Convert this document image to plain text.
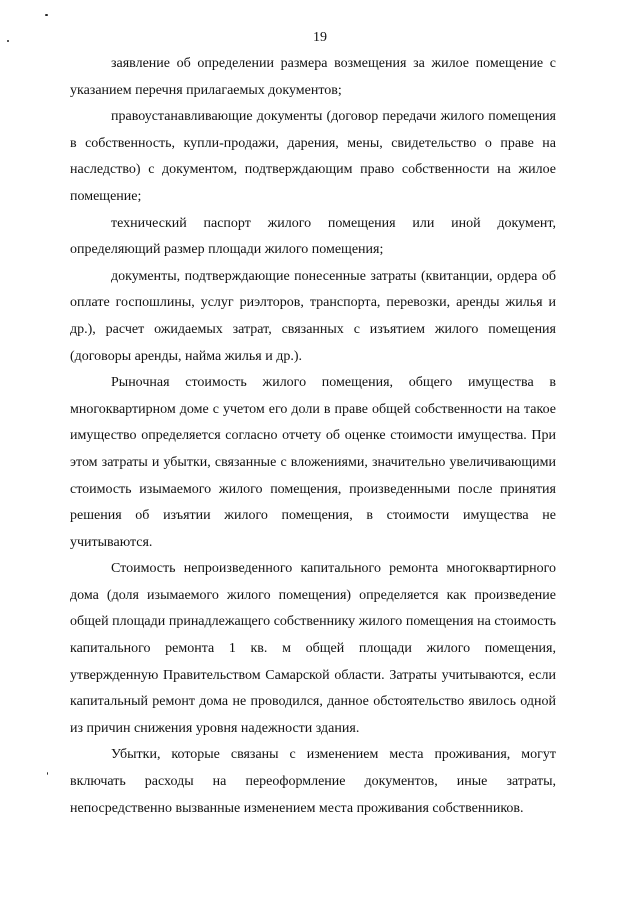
19

заявление об определении размера возмещения за жилое помещение с указанием перечня прилагаемых документов;

правоустанавливающие документы (договор передачи жилого помещения в собственность, купли-продажи, дарения, мены, свидетельство о праве на наследство) с документом, подтверждающим право собственности на жилое помещение;

технический паспорт жилого помещения или иной документ, определяющий размер площади жилого помещения;

документы, подтверждающие понесенные затраты (квитанции, ордера об оплате госпошлины, услуг риэлторов, транспорта, перевозки, аренды жилья и др.), расчет ожидаемых затрат, связанных с изъятием жилого помещения (договоры аренды, найма жилья и др.).

Рыночная стоимость жилого помещения, общего имущества в многоквартирном доме с учетом его доли в праве общей собственности на такое имущество определяется согласно отчету об оценке стоимости имущества. При этом затраты и убытки, связанные с вложениями, значительно увеличивающими стоимость изымаемого жилого помещения, произведенными после принятия решения об изъятии жилого помещения, в стоимости имущества не учитываются.

Стоимость непроизведенного капитального ремонта многоквартирного дома (доля изымаемого жилого помещения) определяется как произведение общей площади принадлежащего собственнику жилого помещения на стоимость капитального ремонта 1 кв. м общей площади жилого помещения, утвержденную Правительством Самарской области. Затраты учитываются, если капитальный ремонт дома не проводился, данное обстоятельство явилось одной из причин снижения уровня надежности здания.

Убытки, которые связаны с изменением места проживания, могут включать расходы на переоформление документов, иные затраты, непосредственно вызванные изменением места проживания собственников.
